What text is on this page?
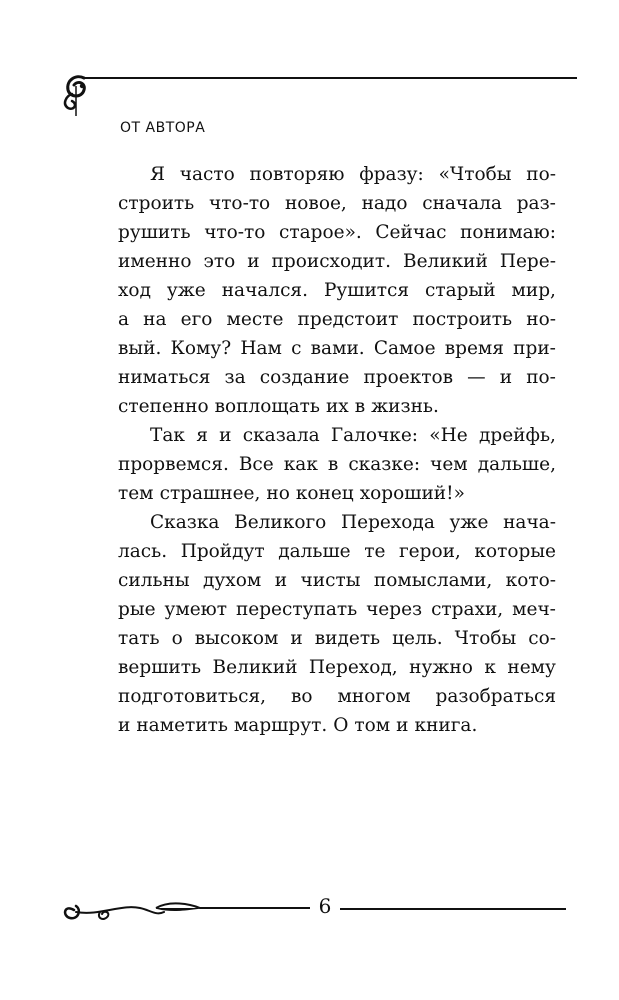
ОТ АВТОРА
Я часто повторяю фразу: «Чтобы по-
строить что-то новое, надо сначала раз-
рушить что-то старое». Сейчас понимаю:
именно это и происходит. Великий Пере-
ход уже начался. Рушится старый мир,
а на его месте предстоит построить но-
вый. Кому? Нам с вами. Самое время при-
ниматься за создание проектов — и по-
степенно воплощать их в жизнь.
Так я и сказала Галочке: «Не дрейфь,
прорвемся. Все как в сказке: чем дальше,
тем страшнее, но конец хороший!»
Сказка Великого Перехода уже нача-
лась. Пройдут дальше те герои, которые
сильны духом и чисты помыслами, кото-
рые умеют переступать через страхи, меч-
тать о высоком и видеть цель. Чтобы со-
вершить Великий Переход, нужно к нему
подготовиться, во многом разобраться
и наметить маршрут. О том и книга.
6
